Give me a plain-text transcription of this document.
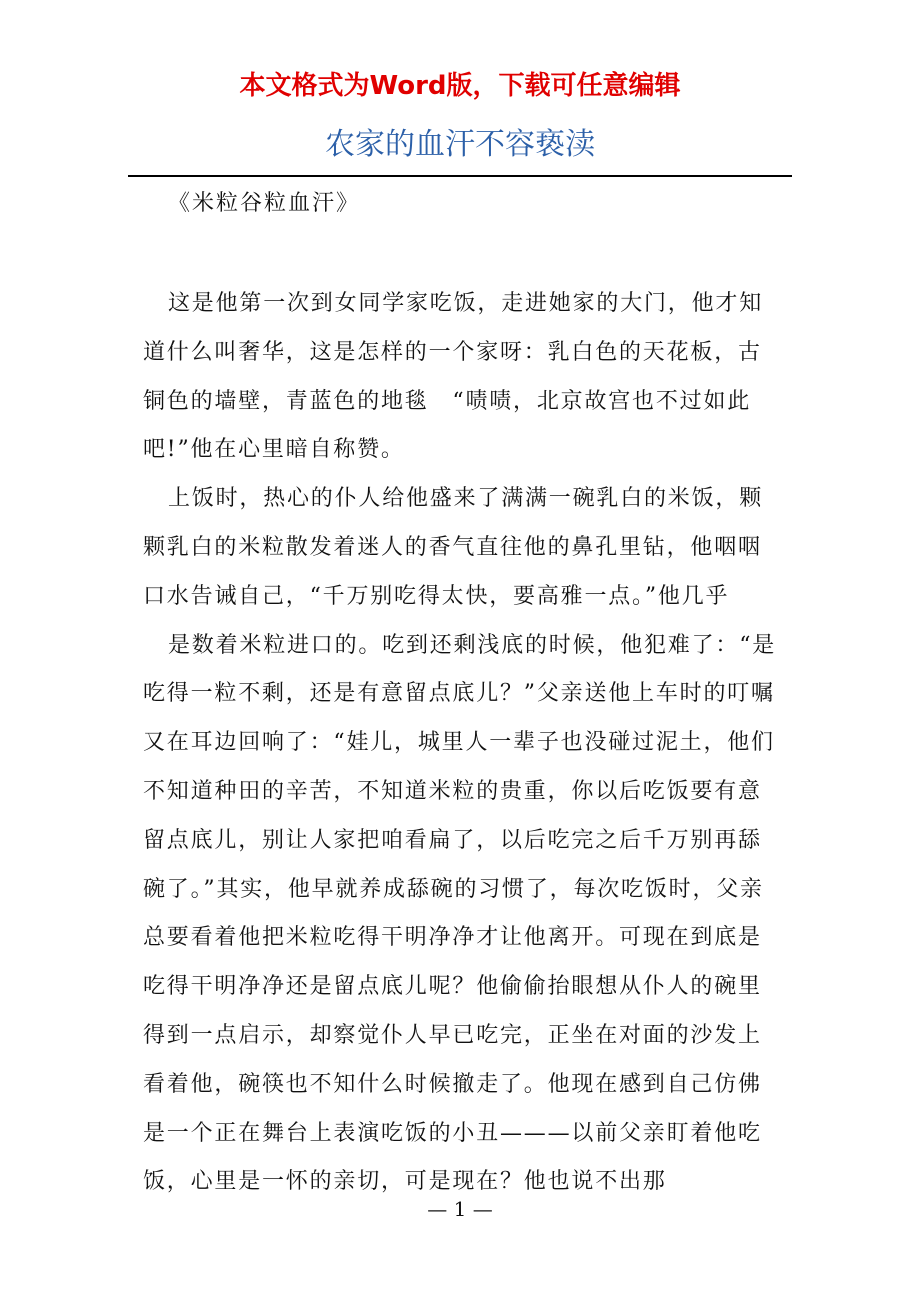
本文格式为Word版，下载可任意编辑
农家的血汗不容亵渎
《米粒谷粒血汗》

这是他第一次到女同学家吃饭，走进她家的大门，他才知道什么叫奢华，这是怎样的一个家呀：乳白色的天花板，古铜色的墙壁，青蓝色的地毯　“啧啧，北京故宫也不过如此吧!”他在心里暗自称赞。

上饭时，热心的仆人给他盛来了满满一碗乳白的米饭，颗颗乳白的米粒散发着迷人的香气直往他的鼻孔里钻，他咽咽口水告诫自己，“千万别吃得太快，要高雅一点。”他几乎

是数着米粒进口的。吃到还剩浅底的时候，他犯难了：“是吃得一粒不剩，还是有意留点底儿？”父亲送他上车时的叮嘱又在耳边回响了：“娃儿，城里人一辈子也没碰过泥土，他们不知道种田的辛苦，不知道米粒的贵重，你以后吃饭要有意留点底儿，别让人家把咱看扁了，以后吃完之后千万别再舔碗了。”其实，他早就养成舔碗的习惯了，每次吃饭时，父亲总要看着他把米粒吃得干明净净才让他离开。可现在到底是吃得干明净净还是留点底儿呢？他偷偷抬眼想从仆人的碗里得到一点启示，却察觉仆人早已吃完，正坐在对面的沙发上看着他，碗筷也不知什么时候撤走了。他现在感到自己仿佛是一个正在舞台上表演吃饭的小丑———以前父亲盯着他吃饭，心里是一怀的亲切，可是现在？他也说不出那

— 1 —
